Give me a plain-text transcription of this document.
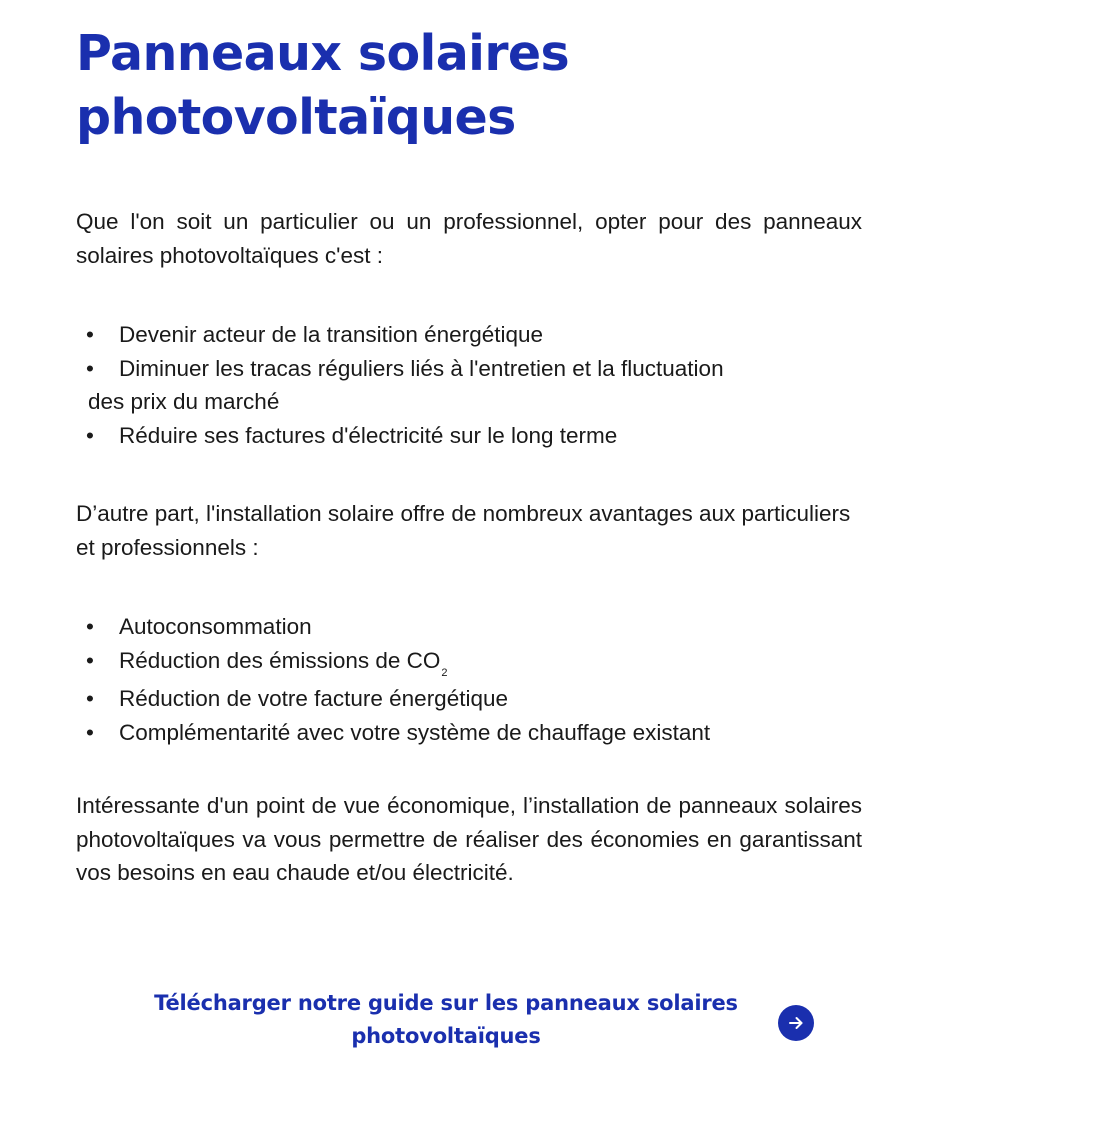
Panneaux solaires
photovoltaïques

Que l'on soit un particulier ou un professionnel, opter pour des panneaux solaires photovoltaïques c'est :

• Devenir acteur de la transition énergétique
• Diminuer les tracas réguliers liés à l'entretien et la fluctuation
des prix du marché
• Réduire ses factures d'électricité sur le long terme

D’autre part, l'installation solaire offre de nombreux avantages aux particuliers et professionnels :

• Autoconsommation
• Réduction des émissions de $CO_2$
• Réduction de votre facture énergétique
• Complémentarité avec votre système de chauffage existant

Intéressante d'un point de vue économique, l’installation de panneaux solaires photovoltaïques va vous permettre de réaliser des économies en garantissant vos besoins en eau chaude et/ou électricité.

Télécharger notre guide sur les panneaux solaires
photovoltaïques
